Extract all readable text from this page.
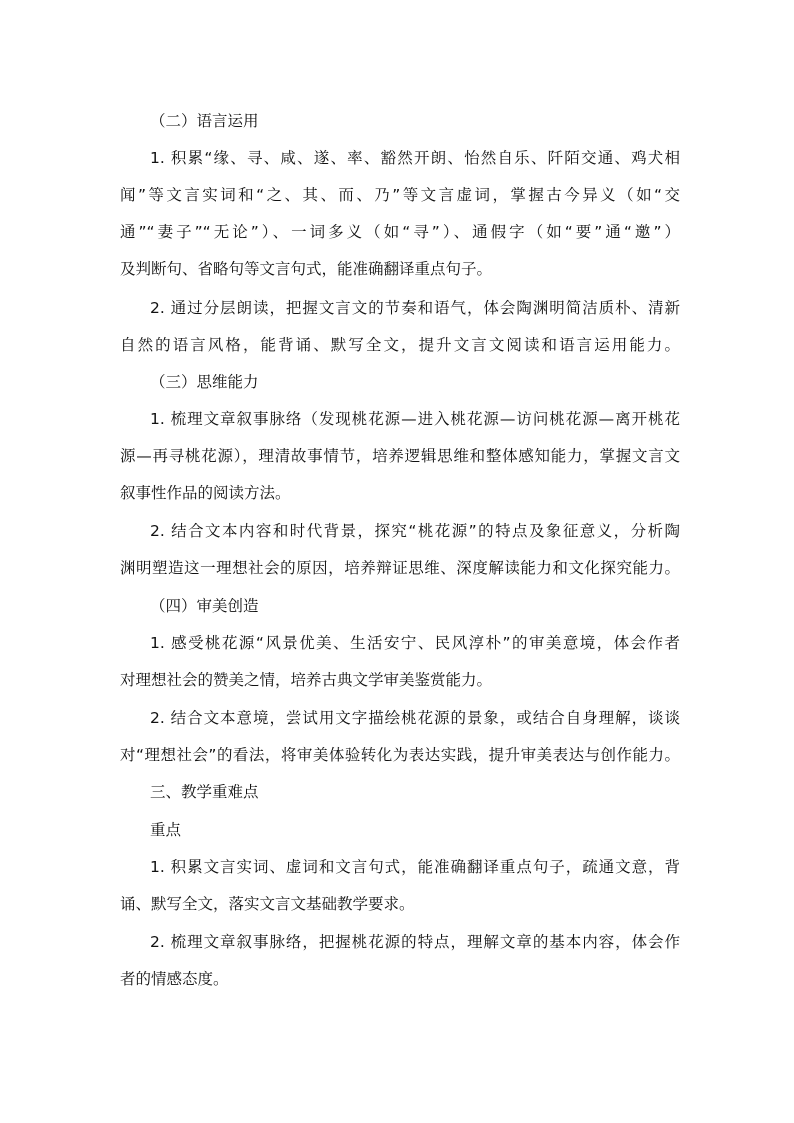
（二）语言运用
1. 积累“缘、寻、咸、遂、率、豁然开朗、怡然自乐、阡陌交通、鸡犬相
闻”等文言实词和“之、其、而、乃”等文言虚词，掌握古今异义（如“交
通”“妻子”“无论”）、一词多义（如“寻”）、通假字（如“要”通“邀”）
及判断句、省略句等文言句式，能准确翻译重点句子。
2. 通过分层朗读，把握文言文的节奏和语气，体会陶渊明简洁质朴、清新
自然的语言风格，能背诵、默写全文，提升文言文阅读和语言运用能力。
（三）思维能力
1. 梳理文章叙事脉络（发现桃花源—进入桃花源—访问桃花源—离开桃花
源—再寻桃花源），理清故事情节，培养逻辑思维和整体感知能力，掌握文言文
叙事性作品的阅读方法。
2. 结合文本内容和时代背景，探究“桃花源”的特点及象征意义，分析陶
渊明塑造这一理想社会的原因，培养辩证思维、深度解读能力和文化探究能力。
（四）审美创造
1. 感受桃花源“风景优美、生活安宁、民风淳朴”的审美意境，体会作者
对理想社会的赞美之情，培养古典文学审美鉴赏能力。
2. 结合文本意境，尝试用文字描绘桃花源的景象，或结合自身理解，谈谈
对“理想社会”的看法，将审美体验转化为表达实践，提升审美表达与创作能力。
三、教学重难点
重点
1. 积累文言实词、虚词和文言句式，能准确翻译重点句子，疏通文意，背
诵、默写全文，落实文言文基础教学要求。
2. 梳理文章叙事脉络，把握桃花源的特点，理解文章的基本内容，体会作
者的情感态度。
